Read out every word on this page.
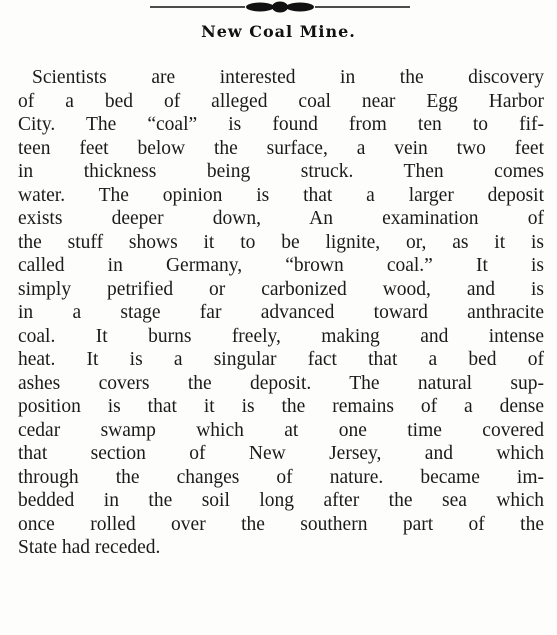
New Coal Mine.
Scientists are interested in the discovery
of a bed of alleged coal near Egg Harbor
City. The “coal” is found from ten to fif-
teen feet below the surface, a vein two feet
in thickness being struck. Then comes
water. The opinion is that a larger deposit
exists deeper down, An examination of
the stuff shows it to be lignite, or, as it is
called in Germany, “brown coal.” It is
simply petrified or carbonized wood, and is
in a stage far advanced toward anthracite
coal. It burns freely, making and intense
heat. It is a singular fact that a bed of
ashes covers the deposit. The natural sup-
position is that it is the remains of a dense
cedar swamp which at one time covered
that section of New Jersey, and which
through the changes of nature. became im-
bedded in the soil long after the sea which
once rolled over the southern part of the
State had receded.
